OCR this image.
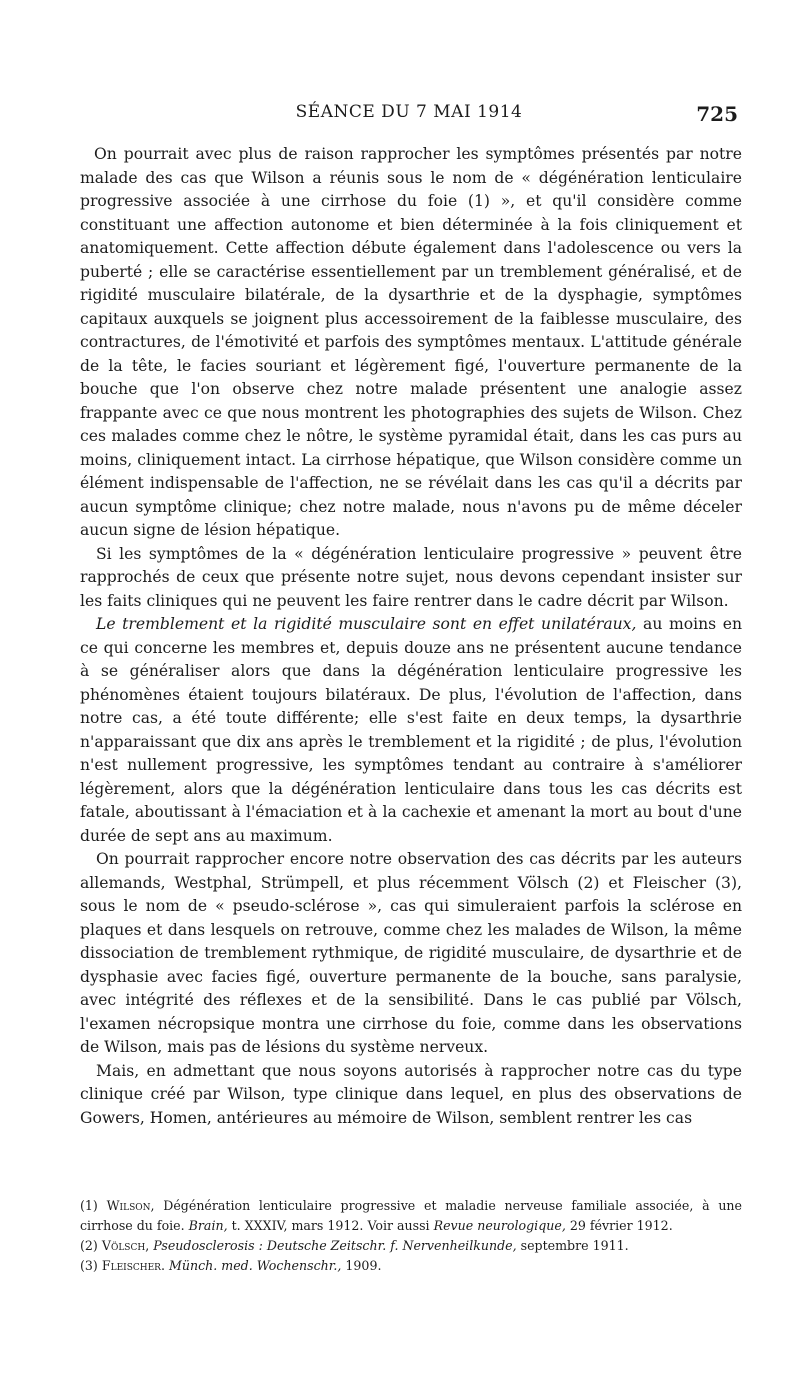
SÉANCE DU 7 MAI 1914	725

On pourrait avec plus de raison rapprocher les symptômes présentés par notre malade des cas que Wilson a réunis sous le nom de « dégénération lenticulaire progressive associée à une cirrhose du foie (1) », et qu'il considère comme constituant une affection autonome et bien déterminée à la fois cliniquement et anatomiquement. Cette affection débute également dans l'adolescence ou vers la puberté ; elle se caractérise essentiellement par un tremblement généralisé, et de rigidité musculaire bilatérale, de la dysarthrie et de la dysphagie, symptômes capitaux auxquels se joignent plus accessoirement de la faiblesse musculaire, des contractures, de l'émotivité et parfois des symptômes mentaux. L'attitude générale de la tête, le facies souriant et légèrement figé, l'ouverture permanente de la bouche que l'on observe chez notre malade présentent une analogie assez frappante avec ce que nous montrent les photographies des sujets de Wilson. Chez ces malades comme chez le nôtre, le système pyramidal était, dans les cas purs au moins, cliniquement intact. La cirrhose hépatique, que Wilson considère comme un élément indispensable de l'affection, ne se révélait dans les cas qu'il a décrits par aucun symptôme clinique; chez notre malade, nous n'avons pu de même déceler aucun signe de lésion hépatique.

Si les symptômes de la « dégénération lenticulaire progressive » peuvent être rapprochés de ceux que présente notre sujet, nous devons cependant insister sur les faits cliniques qui ne peuvent les faire rentrer dans le cadre décrit par Wilson.

Le tremblement et la rigidité musculaire sont en effet unilatéraux, au moins en ce qui concerne les membres et, depuis douze ans ne présentent aucune tendance à se généraliser alors que dans la dégénération lenticulaire progressive les phénomènes étaient toujours bilatéraux. De plus, l'évolution de l'affection, dans notre cas, a été toute différente; elle s'est faite en deux temps, la dysarthrie n'apparaissant que dix ans après le tremblement et la rigidité ; de plus, l'évolution n'est nullement progressive, les symptômes tendant au contraire à s'améliorer légèrement, alors que la dégénération lenticulaire dans tous les cas décrits est fatale, aboutissant à l'émaciation et à la cachexie et amenant la mort au bout d'une durée de sept ans au maximum.

On pourrait rapprocher encore notre observation des cas décrits par les auteurs allemands, Westphal, Strümpell, et plus récemment Völsch (2) et Fleischer (3), sous le nom de « pseudo-sclérose », cas qui simuleraient parfois la sclérose en plaques et dans lesquels on retrouve, comme chez les malades de Wilson, la même dissociation de tremblement rythmique, de rigidité musculaire, de dysarthrie et de dysphasie avec facies figé, ouverture permanente de la bouche, sans paralysie, avec intégrité des réflexes et de la sensibilité. Dans le cas publié par Völsch, l'examen nécropsique montra une cirrhose du foie, comme dans les observations de Wilson, mais pas de lésions du système nerveux.

Mais, en admettant que nous soyons autorisés à rapprocher notre cas du type clinique créé par Wilson, type clinique dans lequel, en plus des observations de Gowers, Homen, antérieures au mémoire de Wilson, semblent rentrer les cas

(1) Wilson, Dégénération lenticulaire progressive et maladie nerveuse familiale associée, à une cirrhose du foie. Brain, t. XXXIV, mars 1912. Voir aussi Revue neurologique, 29 février 1912.

(2) Völsch, Pseudosclerosis : Deutsche Zeitschr. f. Nervenheilkunde, septembre 1911.

(3) Fleischer. Münch. med. Wochenschr., 1909.
